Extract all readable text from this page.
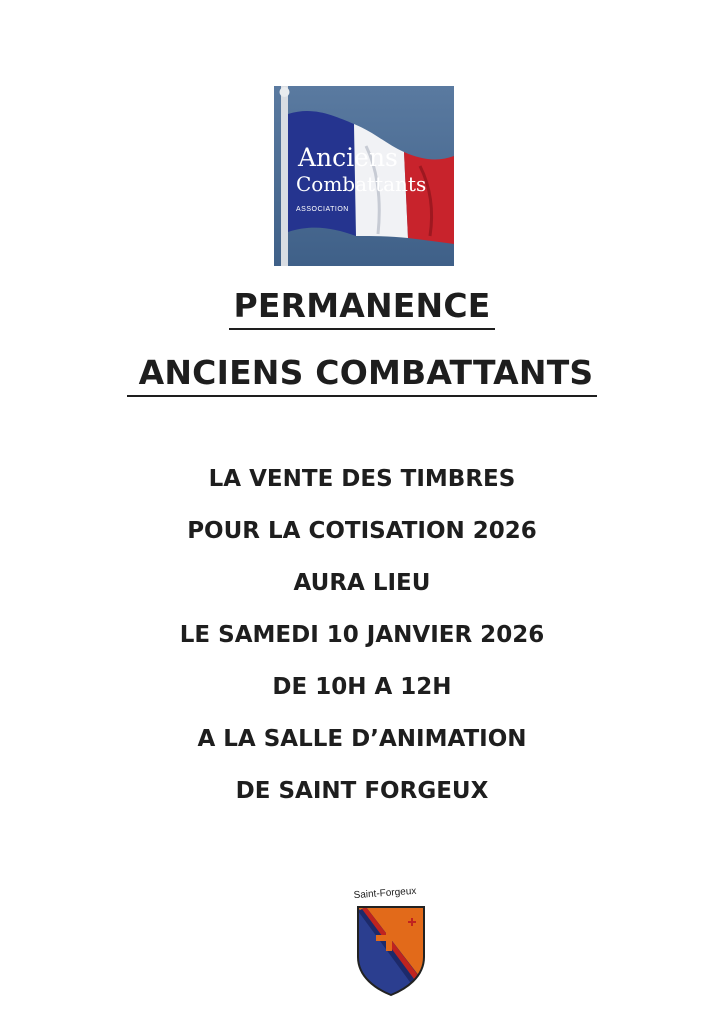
Anciens
Combattants
ASSOCIATION
PERMANENCE
ANCIENS COMBATTANTS
LA VENTE DES TIMBRES
POUR LA COTISATION 2026
AURA LIEU
LE SAMEDI 10 JANVIER 2026
DE 10H A 12H
A LA SALLE D’ANIMATION
DE SAINT FORGEUX
Saint-Forgeux
